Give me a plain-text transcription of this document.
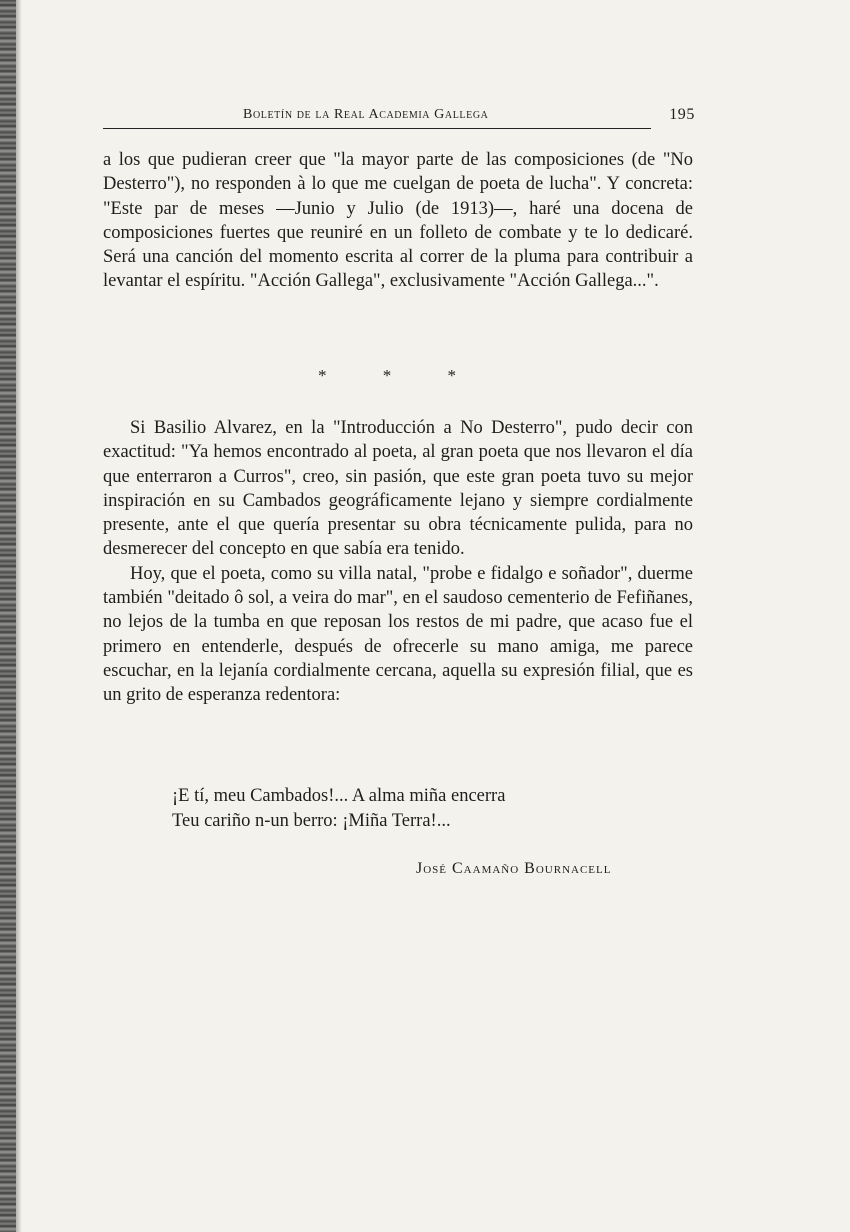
Boletín de la Real Academia Gallega	195

a los que pudieran creer que "la mayor parte de las composiciones (de "No Desterro"), no responden à lo que me cuelgan de poeta de lucha". Y concreta: "Este par de meses —Junio y Julio (de 1913)—, haré una docena de composiciones fuertes que reuniré en un folleto de combate y te lo dedicaré. Será una canción del momento escrita al correr de la pluma para contribuir a levantar el espíritu. "Acción Gallega", exclusivamente "Acción Gallega...".

* * *

Si Basilio Alvarez, en la "Introducción a No Desterro", pudo decir con exactitud: "Ya hemos encontrado al poeta, al gran poeta que nos llevaron el día que enterraron a Curros", creo, sin pasión, que este gran poeta tuvo su mejor inspiración en su Cambados geográficamente lejano y siempre cordialmente presente, ante el que quería presentar su obra técnicamente pulida, para no desmerecer del concepto en que sabía era tenido.

Hoy, que el poeta, como su villa natal, "probe e fidalgo e soñador", duerme también "deitado ô sol, a veira do mar", en el saudoso cementerio de Fefiñanes, no lejos de la tumba en que reposan los restos de mi padre, que acaso fue el primero en entenderle, después de ofrecerle su mano amiga, me parece escuchar, en la lejanía cordialmente cercana, aquella su expresión filial, que es un grito de esperanza redentora:

¡E tí, meu Cambados!... A alma miña encerra
Teu cariño n-un berro: ¡Miña Terra!...
José Caamaño Bournacell
